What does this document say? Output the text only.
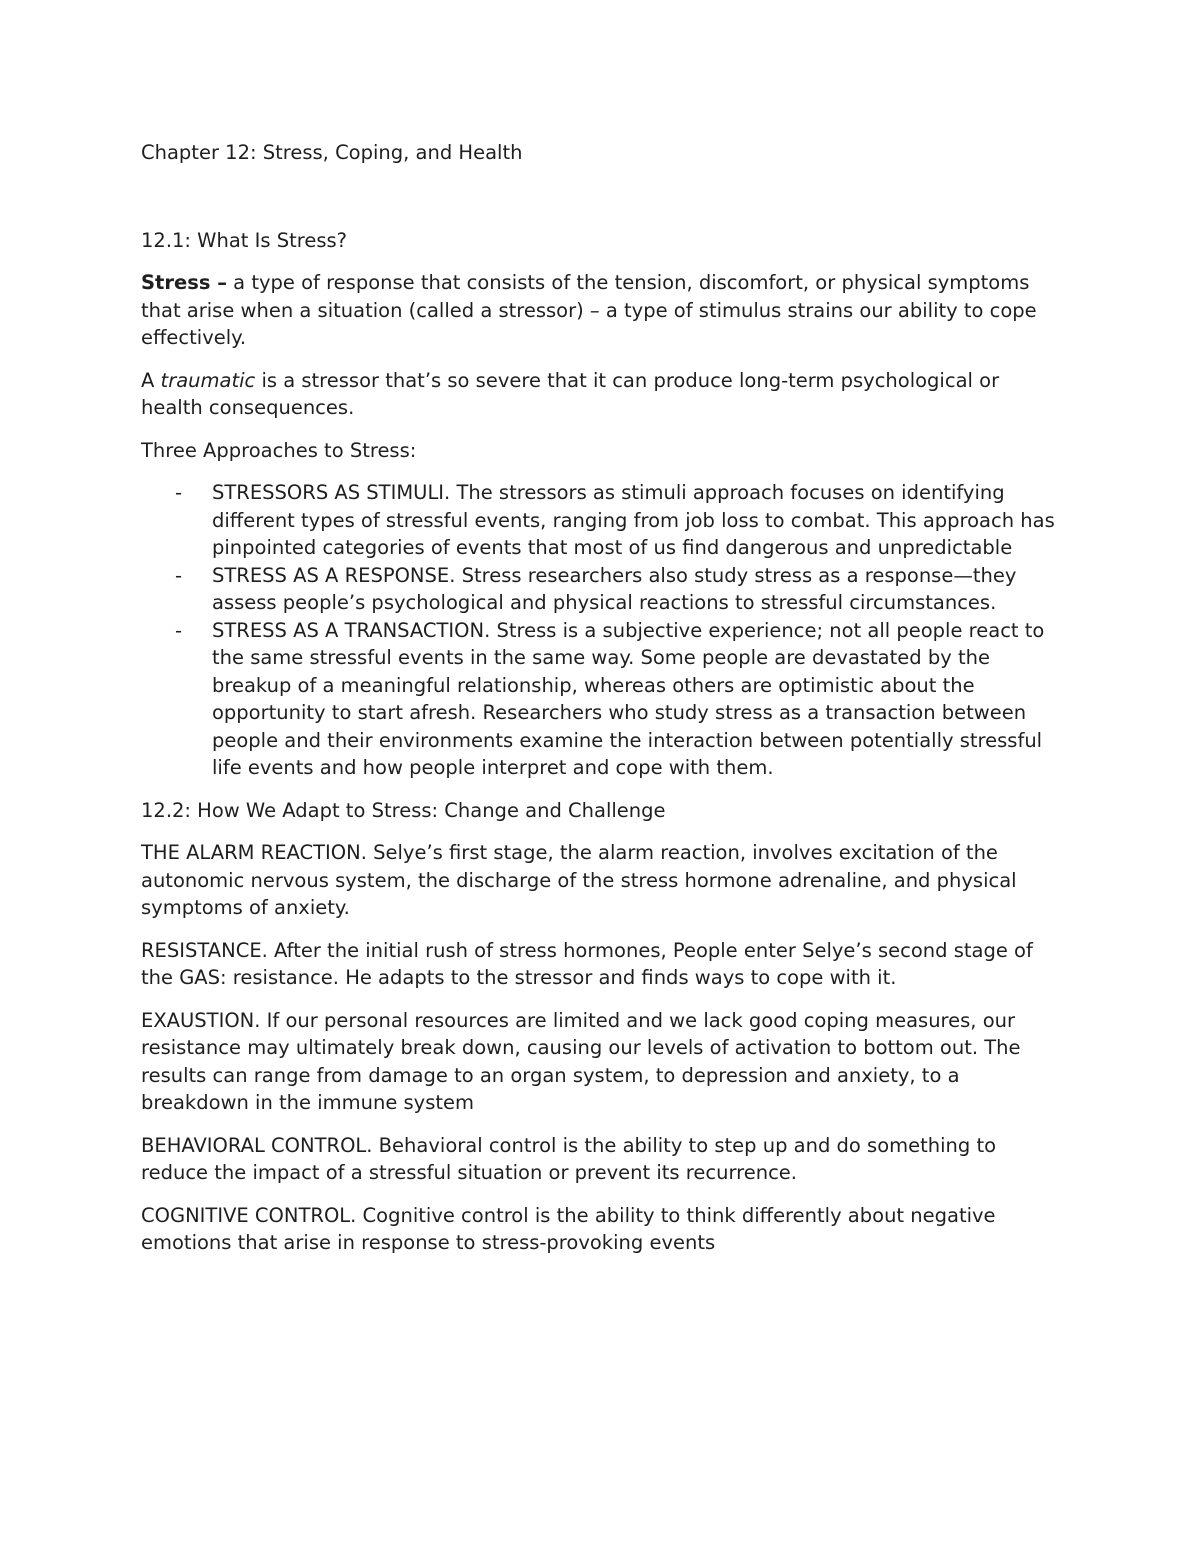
Chapter 12: Stress, Coping, and Health

12.1: What Is Stress?

Stress – a type of response that consists of the tension, discomfort, or physical symptoms that arise when a situation (called a stressor) – a type of stimulus strains our ability to cope effectively.

A traumatic is a stressor that’s so severe that it can produce long-term psychological or health consequences.

Three Approaches to Stress:

- STRESSORS AS STIMULI. The stressors as stimuli approach focuses on identifying different types of stressful events, ranging from job loss to combat. This approach has pinpointed categories of events that most of us find dangerous and unpredictable
- STRESS AS A RESPONSE. Stress researchers also study stress as a response—they assess people’s psychological and physical reactions to stressful circumstances.
- STRESS AS A TRANSACTION. Stress is a subjective experience; not all people react to the same stressful events in the same way. Some people are devastated by the breakup of a meaningful relationship, whereas others are optimistic about the opportunity to start afresh. Researchers who study stress as a transaction between people and their environments examine the interaction between potentially stressful life events and how people interpret and cope with them.

12.2: How We Adapt to Stress: Change and Challenge

THE ALARM REACTION. Selye’s first stage, the alarm reaction, involves excitation of the autonomic nervous system, the discharge of the stress hormone adrenaline, and physical symptoms of anxiety.

RESISTANCE. After the initial rush of stress hormones, People enter Selye’s second stage of the GAS: resistance. He adapts to the stressor and finds ways to cope with it.

EXAUSTION. If our personal resources are limited and we lack good coping measures, our resistance may ultimately break down, causing our levels of activation to bottom out. The results can range from damage to an organ system, to depression and anxiety, to a breakdown in the immune system

BEHAVIORAL CONTROL. Behavioral control is the ability to step up and do something to reduce the impact of a stressful situation or prevent its recurrence.

COGNITIVE CONTROL. Cognitive control is the ability to think differently about negative emotions that arise in response to stress-provoking events
